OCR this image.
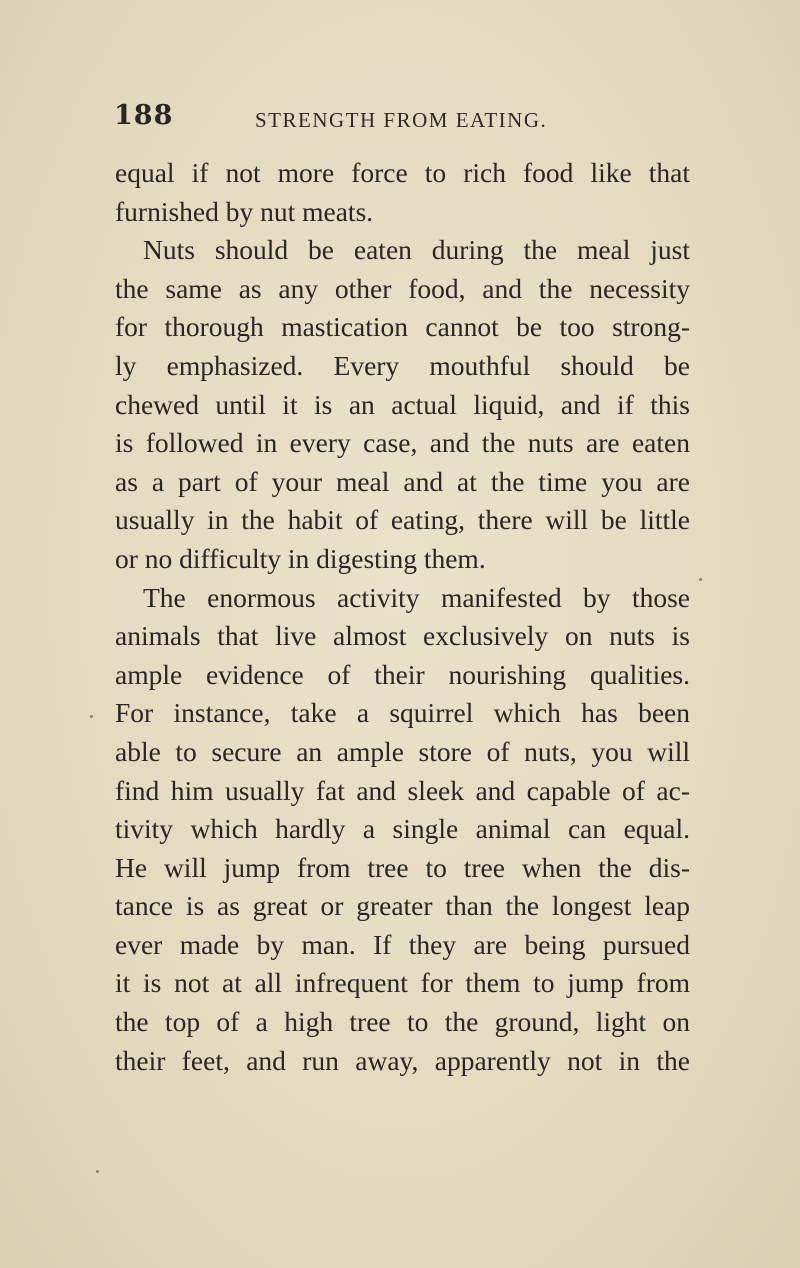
188	STRENGTH FROM EATING.
equal if not more force to rich food like that
furnished by nut meats.
Nuts should be eaten during the meal just
the same as any other food, and the necessity
for thorough mastication cannot be too strong-
ly emphasized. Every mouthful should be
chewed until it is an actual liquid, and if this
is followed in every case, and the nuts are eaten
as a part of your meal and at the time you are
usually in the habit of eating, there will be little
or no difficulty in digesting them.
The enormous activity manifested by those
animals that live almost exclusively on nuts is
ample evidence of their nourishing qualities.
For instance, take a squirrel which has been
able to secure an ample store of nuts, you will
find him usually fat and sleek and capable of ac-
tivity which hardly a single animal can equal.
He will jump from tree to tree when the dis-
tance is as great or greater than the longest leap
ever made by man. If they are being pursued
it is not at all infrequent for them to jump from
the top of a high tree to the ground, light on
their feet, and run away, apparently not in the
